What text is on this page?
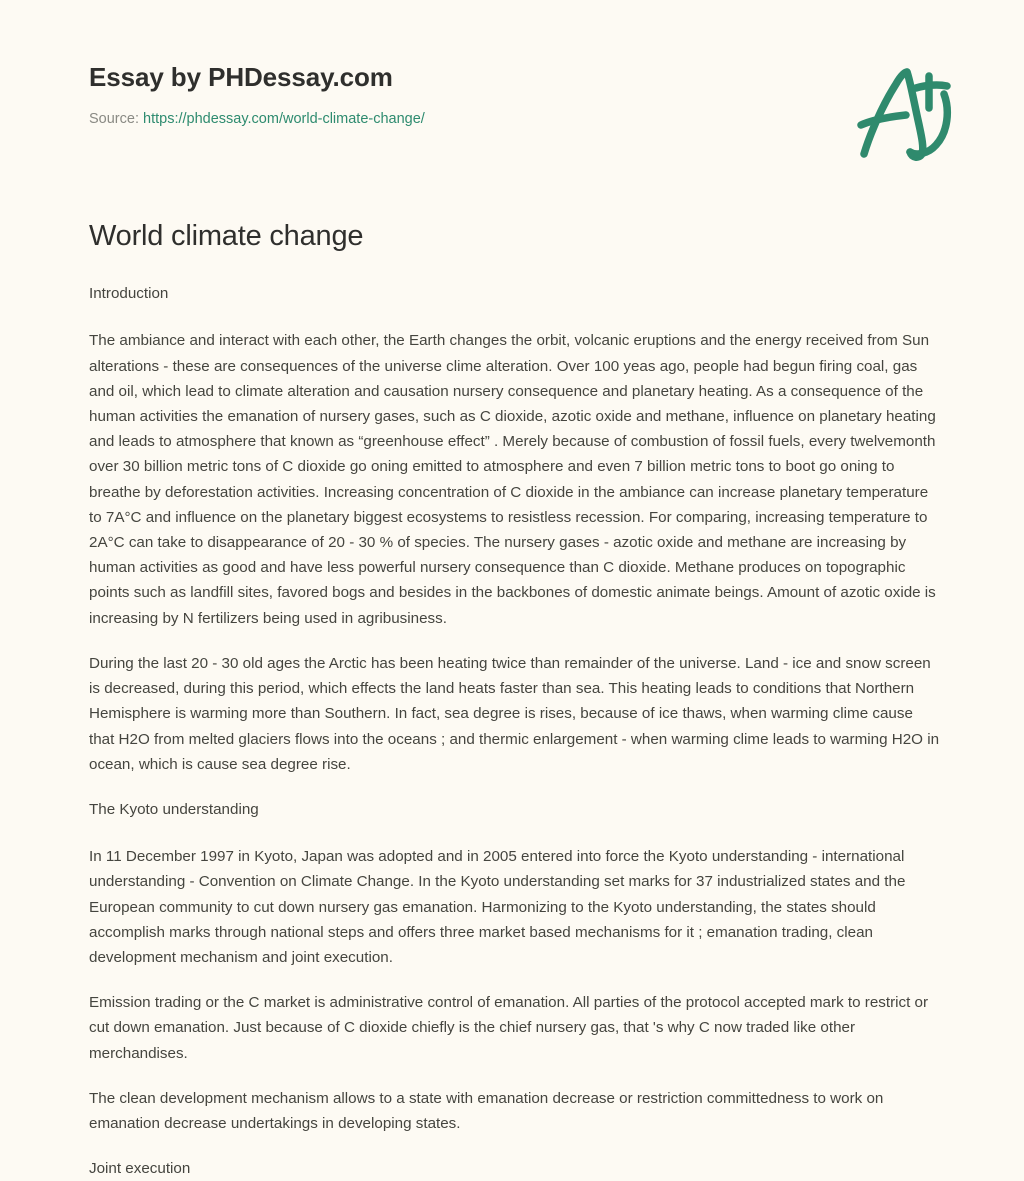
Essay by PHDessay.com
Source: https://phdessay.com/world-climate-change/
World climate change

Introduction

The ambiance and interact with each other, the Earth changes the orbit, volcanic eruptions and the energy received from Sun alterations - these are consequences of the universe clime alteration. Over 100 yeas ago, people had begun firing coal, gas and oil, which lead to climate alteration and causation nursery consequence and planetary heating. As a consequence of the human activities the emanation of nursery gases, such as C dioxide, azotic oxide and methane, influence on planetary heating and leads to atmosphere that known as “greenhouse effect” . Merely because of combustion of fossil fuels, every twelvemonth over 30 billion metric tons of C dioxide go oning emitted to atmosphere and even 7 billion metric tons to boot go oning to breathe by deforestation activities. Increasing concentration of C dioxide in the ambiance can increase planetary temperature to 7A°C and influence on the planetary biggest ecosystems to resistless recession. For comparing, increasing temperature to 2A°C can take to disappearance of 20 - 30 % of species. The nursery gases - azotic oxide and methane are increasing by human activities as good and have less powerful nursery consequence than C dioxide. Methane produces on topographic points such as landfill sites, favored bogs and besides in the backbones of domestic animate beings. Amount of azotic oxide is increasing by N fertilizers being used in agribusiness.

During the last 20 - 30 old ages the Arctic has been heating twice than remainder of the universe. Land - ice and snow screen is decreased, during this period, which effects the land heats faster than sea. This heating leads to conditions that Northern Hemisphere is warming more than Southern. In fact, sea degree is rises, because of ice thaws, when warming clime cause that H2O from melted glaciers flows into the oceans ; and thermic enlargement - when warming clime leads to warming H2O in ocean, which is cause sea degree rise.

The Kyoto understanding

In 11 December 1997 in Kyoto, Japan was adopted and in 2005 entered into force the Kyoto understanding - international understanding - Convention on Climate Change. In the Kyoto understanding set marks for 37 industrialized states and the European community to cut down nursery gas emanation. Harmonizing to the Kyoto understanding, the states should accomplish marks through national steps and offers three market based mechanisms for it ; emanation trading, clean development mechanism and joint execution.

Emission trading or the C market is administrative control of emanation. All parties of the protocol accepted mark to restrict or cut down emanation. Just because of C dioxide chiefly is the chief nursery gas, that 's why C now traded like other merchandises.

The clean development mechanism allows to a state with emanation decrease or restriction committedness to work on emanation decrease undertakings in developing states.

Joint execution
